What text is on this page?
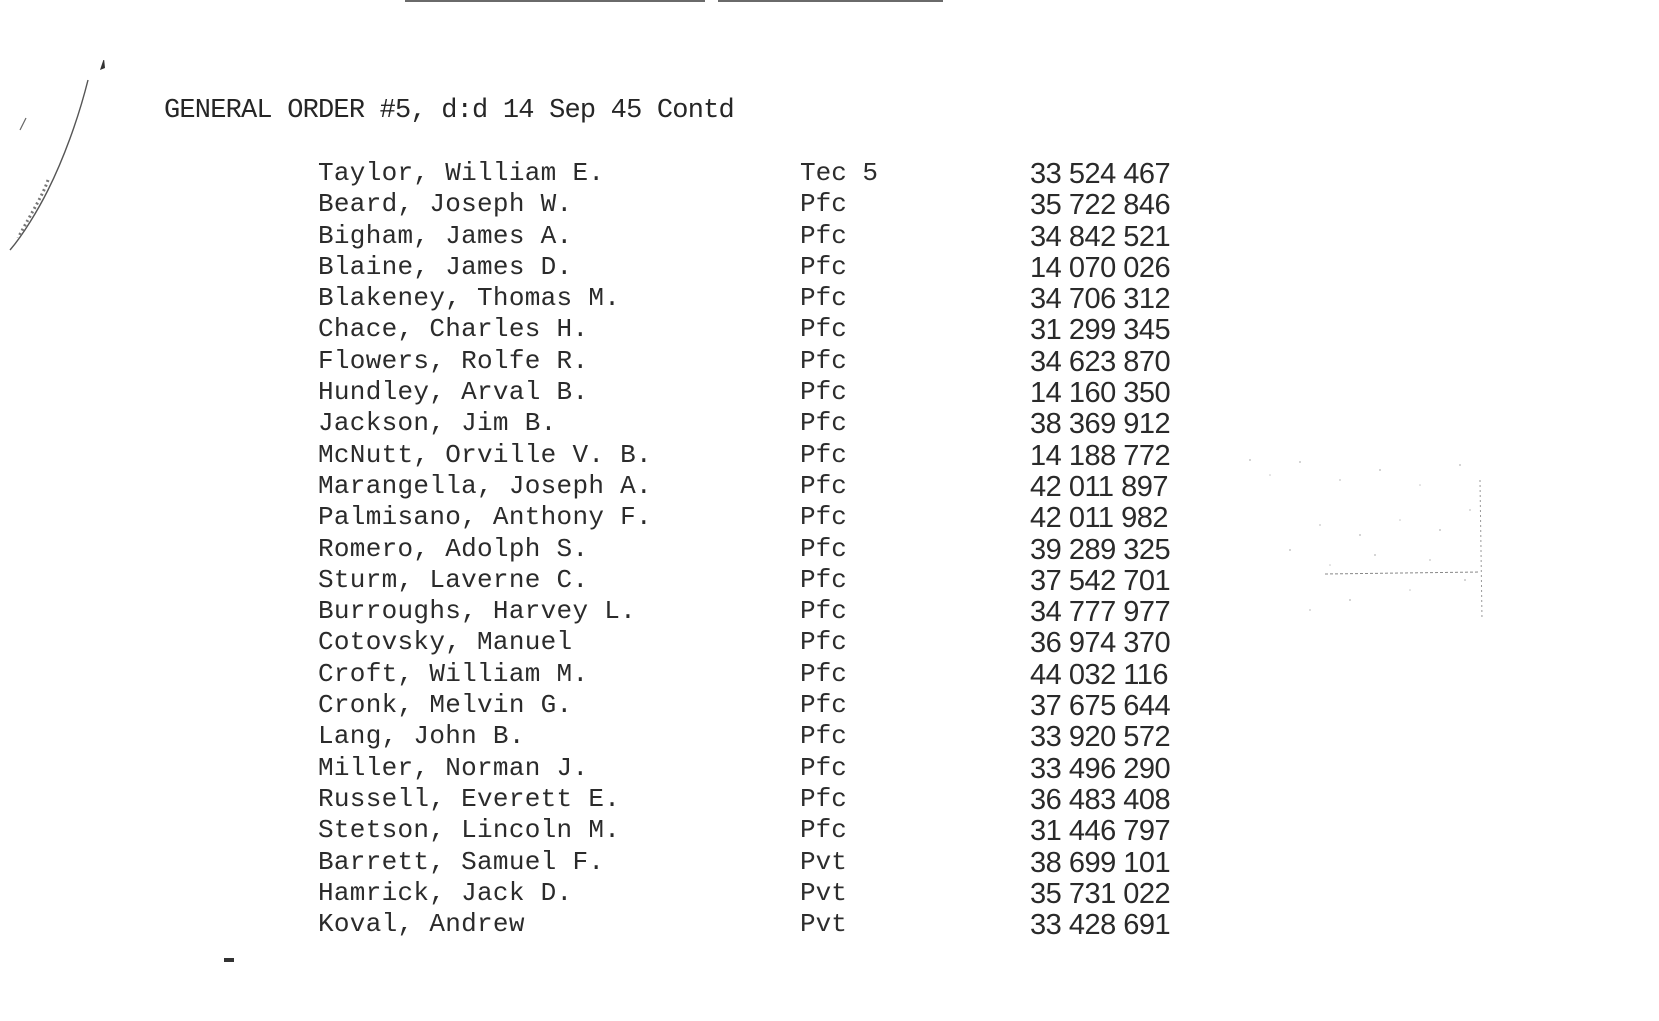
GENERAL ORDER #5, d:d 14 Sep 45 Contd
Taylor, William E.	Tec 5	33 524 467
Beard, Joseph W.	Pfc	35 722 846
Bigham, James A.	Pfc	34 842 521
Blaine, James D.	Pfc	14 070 026
Blakeney, Thomas M.	Pfc	34 706 312
Chace, Charles H.	Pfc	31 299 345
Flowers, Rolfe R.	Pfc	34 623 870
Hundley, Arval B.	Pfc	14 160 350
Jackson, Jim B.	Pfc	38 369 912
McNutt, Orville V. B.	Pfc	14 188 772
Marangella, Joseph A.	Pfc	42 011 897
Palmisano, Anthony F.	Pfc	42 011 982
Romero, Adolph S.	Pfc	39 289 325
Sturm, Laverne C.	Pfc	37 542 701
Burroughs, Harvey L.	Pfc	34 777 977
Cotovsky, Manuel	Pfc	36 974 370
Croft, William M.	Pfc	44 032 116
Cronk, Melvin G.	Pfc	37 675 644
Lang, John B.	Pfc	33 920 572
Miller, Norman J.	Pfc	33 496 290
Russell, Everett E.	Pfc	36 483 408
Stetson, Lincoln M.	Pfc	31 446 797
Barrett, Samuel F.	Pvt	38 699 101
Hamrick, Jack D.	Pvt	35 731 022
Koval, Andrew	Pvt	33 428 691
